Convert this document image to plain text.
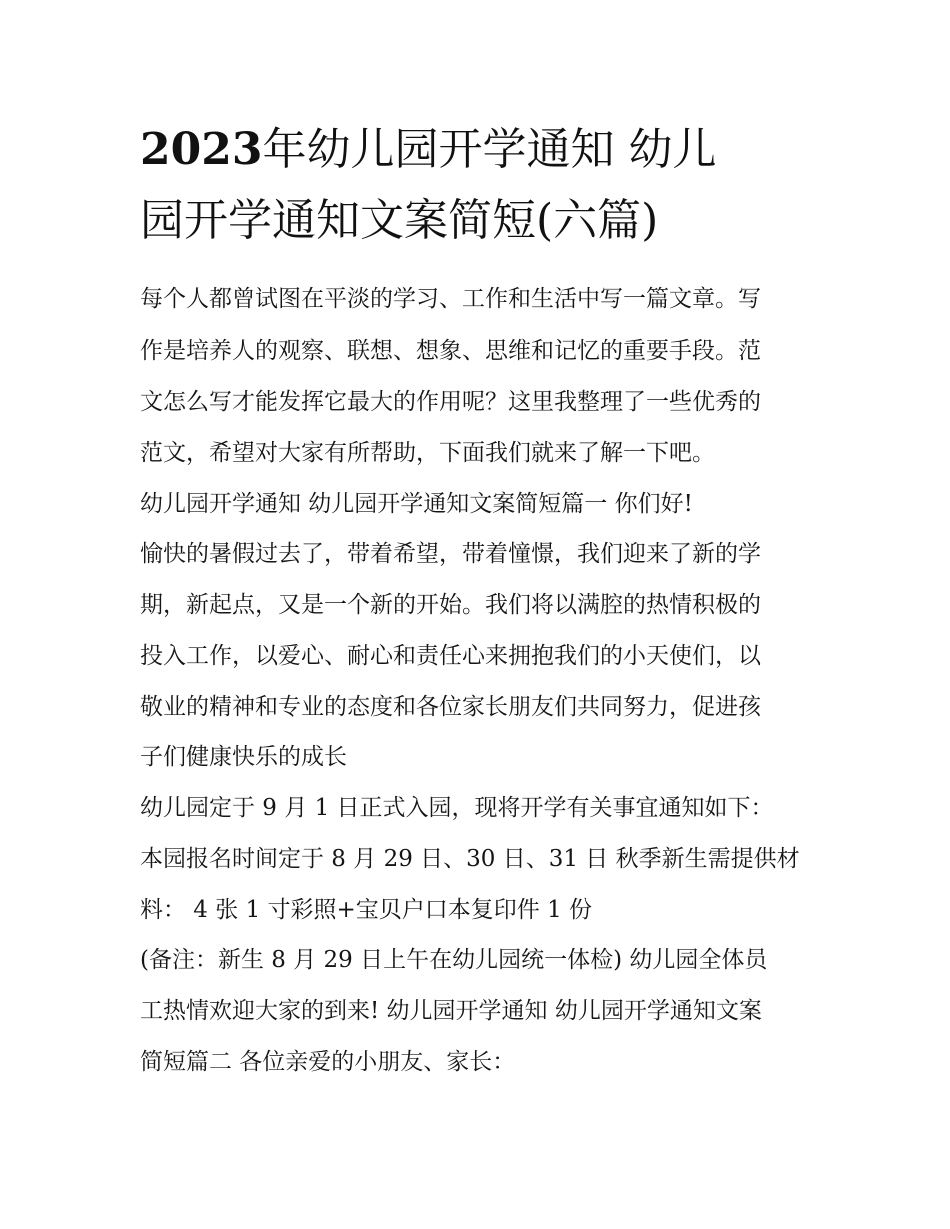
2023年幼儿园开学通知 幼儿
园开学通知文案简短(六篇)
每个人都曾试图在平淡的学习、工作和生活中写一篇文章。写
作是培养人的观察、联想、想象、思维和记忆的重要手段。范
文怎么写才能发挥它最大的作用呢？这里我整理了一些优秀的
范文，希望对大家有所帮助，下面我们就来了解一下吧。
幼儿园开学通知 幼儿园开学通知文案简短篇一 你们好!
愉快的暑假过去了，带着希望，带着憧憬，我们迎来了新的学
期，新起点，又是一个新的开始。我们将以满腔的热情积极的
投入工作，以爱心、耐心和责任心来拥抱我们的小天使们，以
敬业的精神和专业的态度和各位家长朋友们共同努力，促进孩
子们健康快乐的成长
幼儿园定于 9 月 1 日正式入园，现将开学有关事宜通知如下：
本园报名时间定于 8 月 29 日、30 日、31 日 秋季新生需提供材
料： 4 张 1 寸彩照+宝贝户口本复印件 1 份
(备注：新生 8 月 29 日上午在幼儿园统一体检) 幼儿园全体员
工热情欢迎大家的到来! 幼儿园开学通知 幼儿园开学通知文案
简短篇二 各位亲爱的小朋友、家长：
